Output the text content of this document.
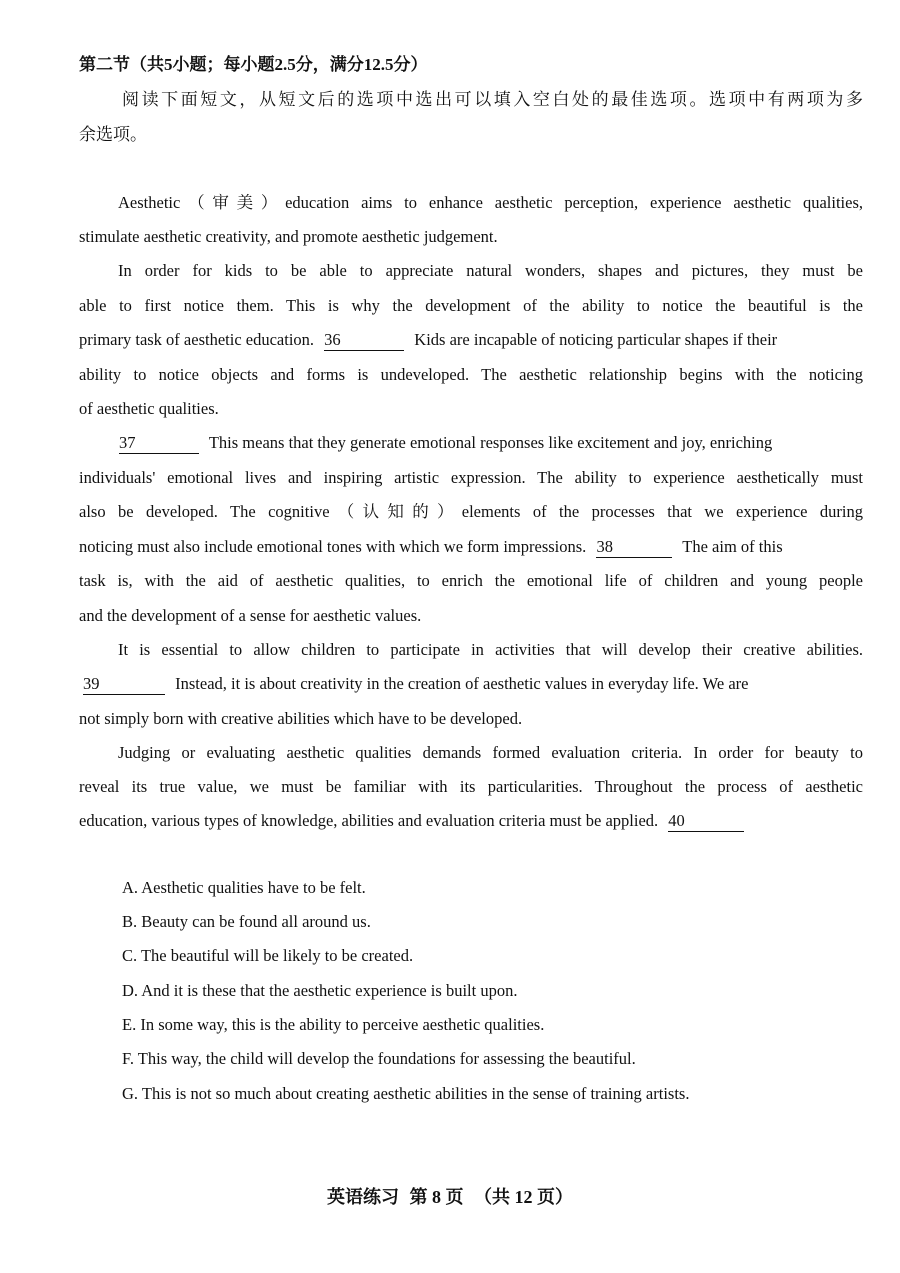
第二节（共5小题；每小题2.5分，满分12.5分）
阅读下面短文，从短文后的选项中选出可以填入空白处的最佳选项。选项中有两项为多
余选项。
Aesthetic（审美）education aims to enhance aesthetic perception, experience aesthetic qualities,
stimulate aesthetic creativity, and promote aesthetic judgement.
In order for kids to be able to appreciate natural wonders, shapes and pictures, they must be
able to first notice them. This is why the development of the ability to notice the beautiful is the
primary task of aesthetic education. 36	Kids are incapable of noticing particular shapes if their
ability to notice objects and forms is undeveloped. The aesthetic relationship begins with the noticing
of aesthetic qualities.
37	This means that they generate emotional responses like excitement and joy, enriching
individuals' emotional lives and inspiring artistic expression. The ability to experience aesthetically must
also be developed. The cognitive（认知的）elements of the processes that we experience during
noticing must also include emotional tones with which we form impressions. 38	The aim of this
task is, with the aid of aesthetic qualities, to enrich the emotional life of children and young people
and the development of a sense for aesthetic values.
It is essential to allow children to participate in activities that will develop their creative abilities.
39	Instead, it is about creativity in the creation of aesthetic values in everyday life. We are
not simply born with creative abilities which have to be developed.
Judging or evaluating aesthetic qualities demands formed evaluation criteria. In order for beauty to
reveal its true value, we must be familiar with its particularities. Throughout the process of aesthetic
education, various types of knowledge, abilities and evaluation criteria must be applied. 40
A. Aesthetic qualities have to be felt.
B. Beauty can be found all around us.
C. The beautiful will be likely to be created.
D. And it is these that the aesthetic experience is built upon.
E. In some way, this is the ability to perceive aesthetic qualities.
F. This way, the child will develop the foundations for assessing the beautiful.
G. This is not so much about creating aesthetic abilities in the sense of training artists.
英语练习 第 8 页 （共 12 页）
